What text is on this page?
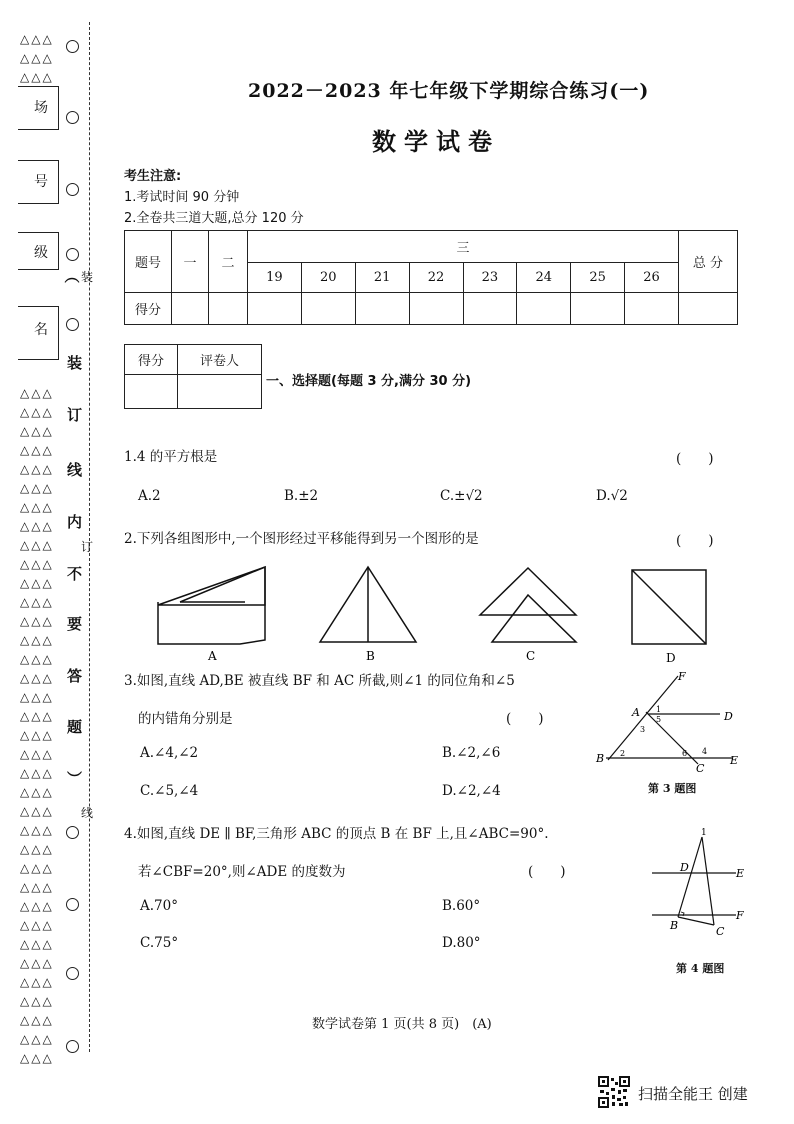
△△△
△△△
△△△
场
号
级
名
︵
装
订
线
内
不
要
答
题
︶
装
订
线
△△△
△△△
△△△
△△△
△△△
△△△
△△△
△△△
△△△
△△△
△△△
△△△
△△△
△△△
△△△
△△△
△△△
△△△
△△△
△△△
△△△
△△△
△△△
△△△
△△△
△△△
△△△
△△△
△△△
△△△
△△△
△△△
△△△
△△△
△△△
△△△
2022－2023 年七年级下学期综合练习(一)
数学试卷
考生注意:
1.考试时间 90 分钟
2.全卷共三道大题,总分 120 分
题号	一	二	三								总 分
			19	20	21	22	23	24	25	26	
得分											
得分	评卷人

一、选择题(每题 3 分,满分 30 分)
1.4 的平方根是	(　　)
A.2	B.±2	C.±√2	D.√2
2.下列各组图形中,一个图形经过平移能得到另一个图形的是	(　　)
A	B	C	D
3.如图,直线 AD,BE 被直线 BF 和 AC 所截,则∠1 的同位角和∠5
的内错角分别是	(　　)
A.∠4,∠2	B.∠2,∠6
C.∠5,∠4	D.∠2,∠4
F
A	D
B
C
E
1
2
3
4
5
6
第 3 题图
4.如图,直线 DE ∥ BF,三角形 ABC 的顶点 B 在 BF 上,且∠ABC=90°.
若∠CBF=20°,则∠ADE 的度数为	(　　)
A.70°	B.60°
C.75°	D.80°
1
D	E
F
B	C
第 4 题图
数学试卷第 1 页(共 8 页)　(A)
扫描全能王 创建
